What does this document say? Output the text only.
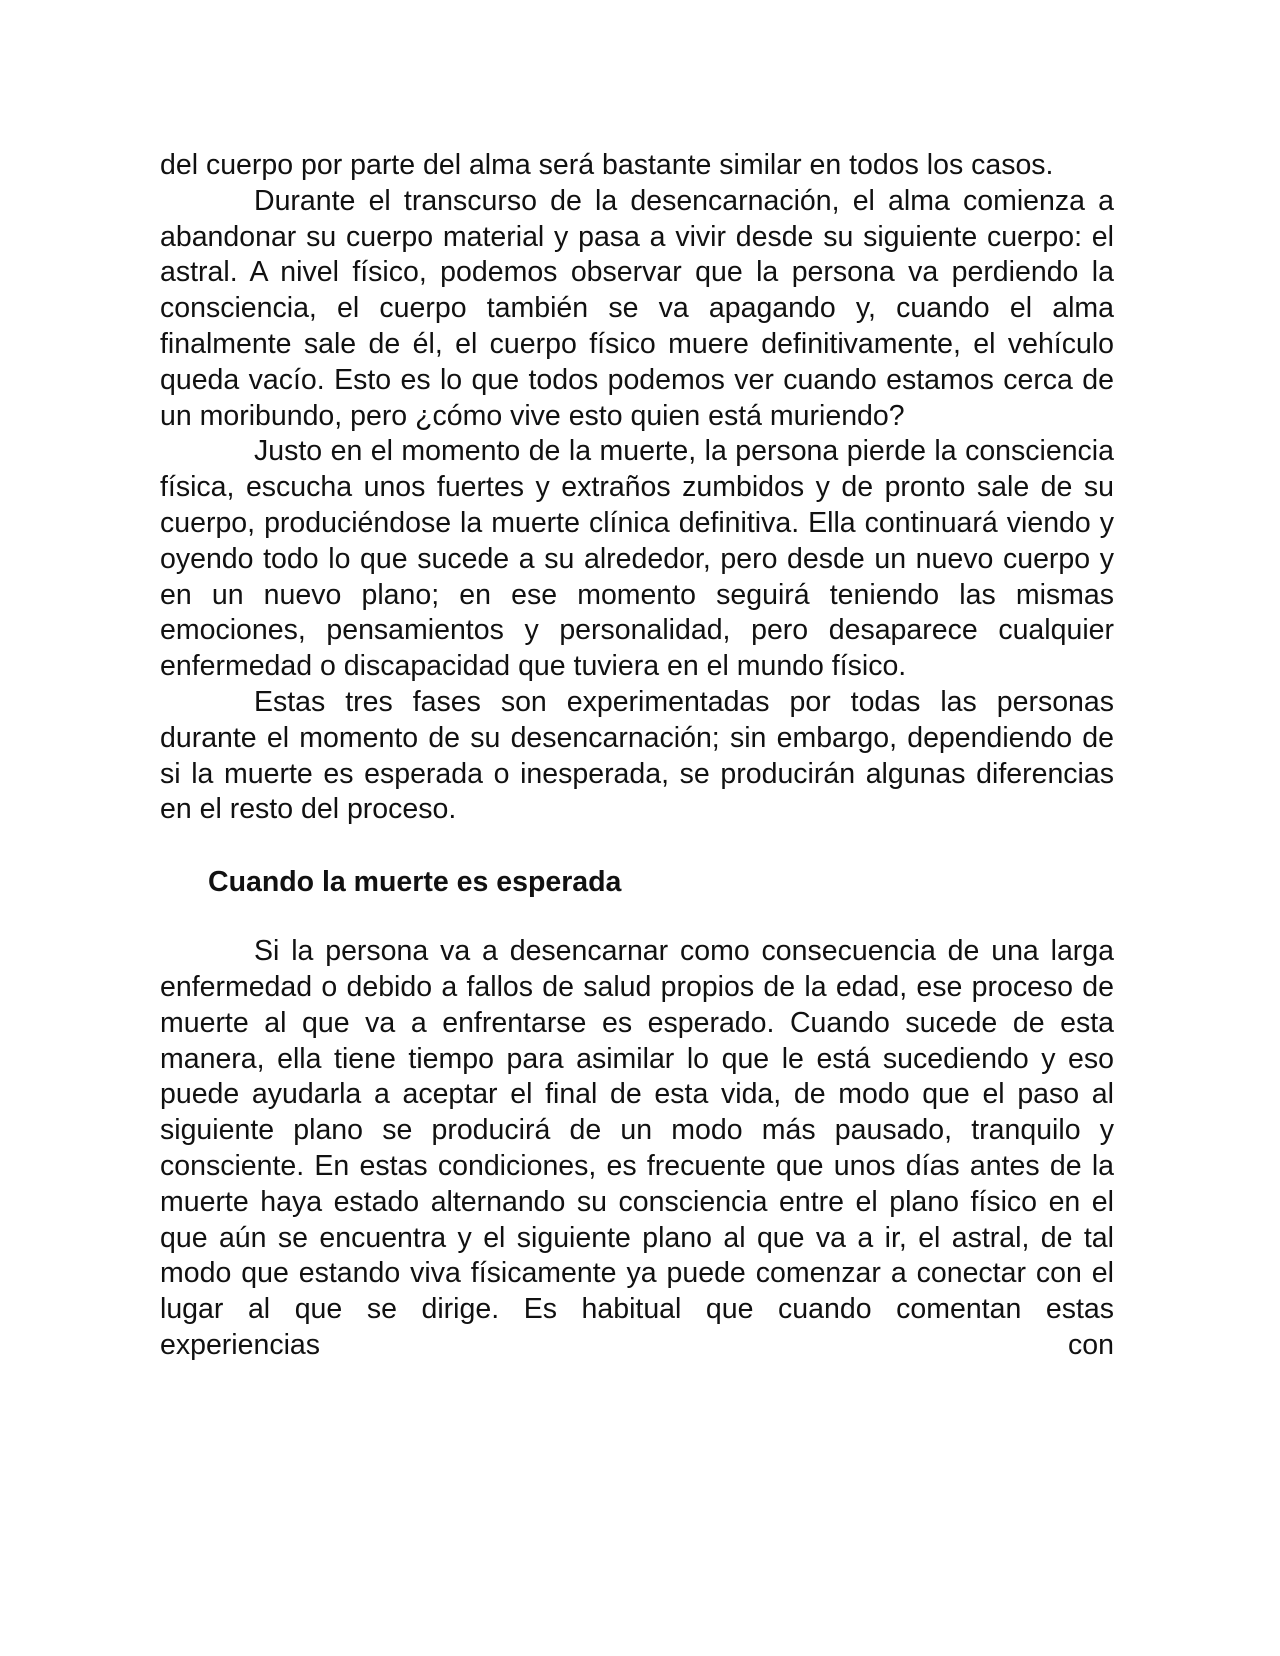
del cuerpo por parte del alma será bastante similar en todos los casos.

Durante el transcurso de la desencarnación, el alma comienza a abandonar su cuerpo material y pasa a vivir desde su siguiente cuerpo: el astral. A nivel físico, podemos observar que la persona va perdiendo la consciencia, el cuerpo también se va apagando y, cuando el alma finalmente sale de él, el cuerpo físico muere definitivamente, el vehículo queda vacío. Esto es lo que todos podemos ver cuando estamos cerca de un moribundo, pero ¿cómo vive esto quien está muriendo?

Justo en el momento de la muerte, la persona pierde la consciencia física, escucha unos fuertes y extraños zumbidos y de pronto sale de su cuerpo, produciéndose la muerte clínica definitiva. Ella continuará viendo y oyendo todo lo que sucede a su alrededor, pero desde un nuevo cuerpo y en un nuevo plano; en ese momento seguirá teniendo las mismas emociones, pensamientos y personalidad, pero desaparece cualquier enfermedad o discapacidad que tuviera en el mundo físico.

Estas tres fases son experimentadas por todas las personas durante el momento de su desencarnación; sin embargo, dependiendo de si la muerte es esperada o inesperada, se producirán algunas diferencias en el resto del proceso.

Cuando la muerte es esperada

Si la persona va a desencarnar como consecuencia de una larga enfermedad o debido a fallos de salud propios de la edad, ese proceso de muerte al que va a enfrentarse es esperado. Cuando sucede de esta manera, ella tiene tiempo para asimilar lo que le está sucediendo y eso puede ayudarla a aceptar el final de esta vida, de modo que el paso al siguiente plano se producirá de un modo más pausado, tranquilo y consciente. En estas condiciones, es frecuente que unos días antes de la muerte haya estado alternando su consciencia entre el plano físico en el que aún se encuentra y el siguiente plano al que va a ir, el astral, de tal modo que estando viva físicamente ya puede comenzar a conectar con el lugar al que se dirige. Es habitual que cuando comentan estas experiencias con
